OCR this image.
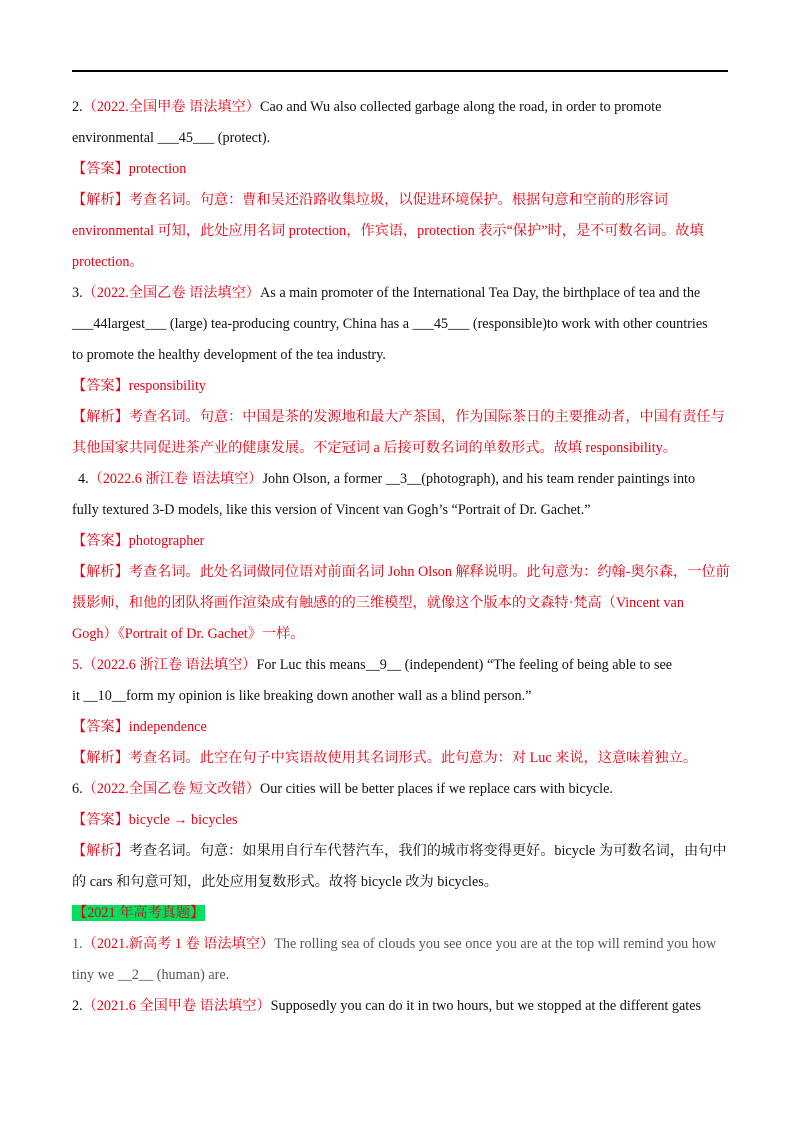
2.（2022.全国甲卷 语法填空）Cao and Wu also collected garbage along the road, in order to promote
environmental ___45___ (protect).
【答案】protection
【解析】考查名词。句意：曹和吴还沿路收集垃圾，以促进环境保护。根据句意和空前的形容词
environmental 可知，此处应用名词 protection，作宾语，protection 表示“保护”时，是不可数名词。故填
protection。
3.（2022.全国乙卷 语法填空）As a main promoter of the International Tea Day, the birthplace of tea and the
___44largest___ (large) tea-producing country, China has a ___45___ (responsible)to work with other countries
to promote the healthy development of the tea industry.
【答案】responsibility
【解析】考查名词。句意：中国是茶的发源地和最大产茶国，作为国际茶日的主要推动者，中国有责任与
其他国家共同促进茶产业的健康发展。不定冠词 a 后接可数名词的单数形式。故填 responsibility。
4.（2022.6 浙江卷 语法填空）John Olson, a former __3__(photograph), and his team render paintings into
fully textured 3-D models, like this version of Vincent van Gogh’s “Portrait of Dr. Gachet.”
【答案】photographer
【解析】考查名词。此处名词做同位语对前面名词 John Olson 解释说明。此句意为：约翰-奥尔森，一位前
摄影师，和他的团队将画作渲染成有触感的的三维模型，就像这个版本的文森特·梵高（Vincent van
Gogh）《Portrait of Dr. Gachet》一样。
5.（2022.6 浙江卷 语法填空）For Luc this means__9__ (independent) “The feeling of being able to see
it __10__form my opinion is like breaking down another wall as a blind person.”
【答案】independence
【解析】考查名词。此空在句子中宾语故使用其名词形式。此句意为：对 Luc 来说，这意味着独立。
6.（2022.全国乙卷 短文改错）Our cities will be better places if we replace cars with bicycle.
【答案】bicycle → bicycles
【解析】考查名词。句意：如果用自行车代替汽车，我们的城市将变得更好。bicycle 为可数名词，由句中
的 cars 和句意可知，此处应用复数形式。故将 bicycle 改为 bicycles。
【2021 年高考真题】
1.（2021.新高考 1 卷 语法填空）The rolling sea of clouds you see once you are at the top will remind you how
tiny we __2__ (human) are.
2.（2021.6 全国甲卷 语法填空）Supposedly you can do it in two hours, but we stopped at the different gates
